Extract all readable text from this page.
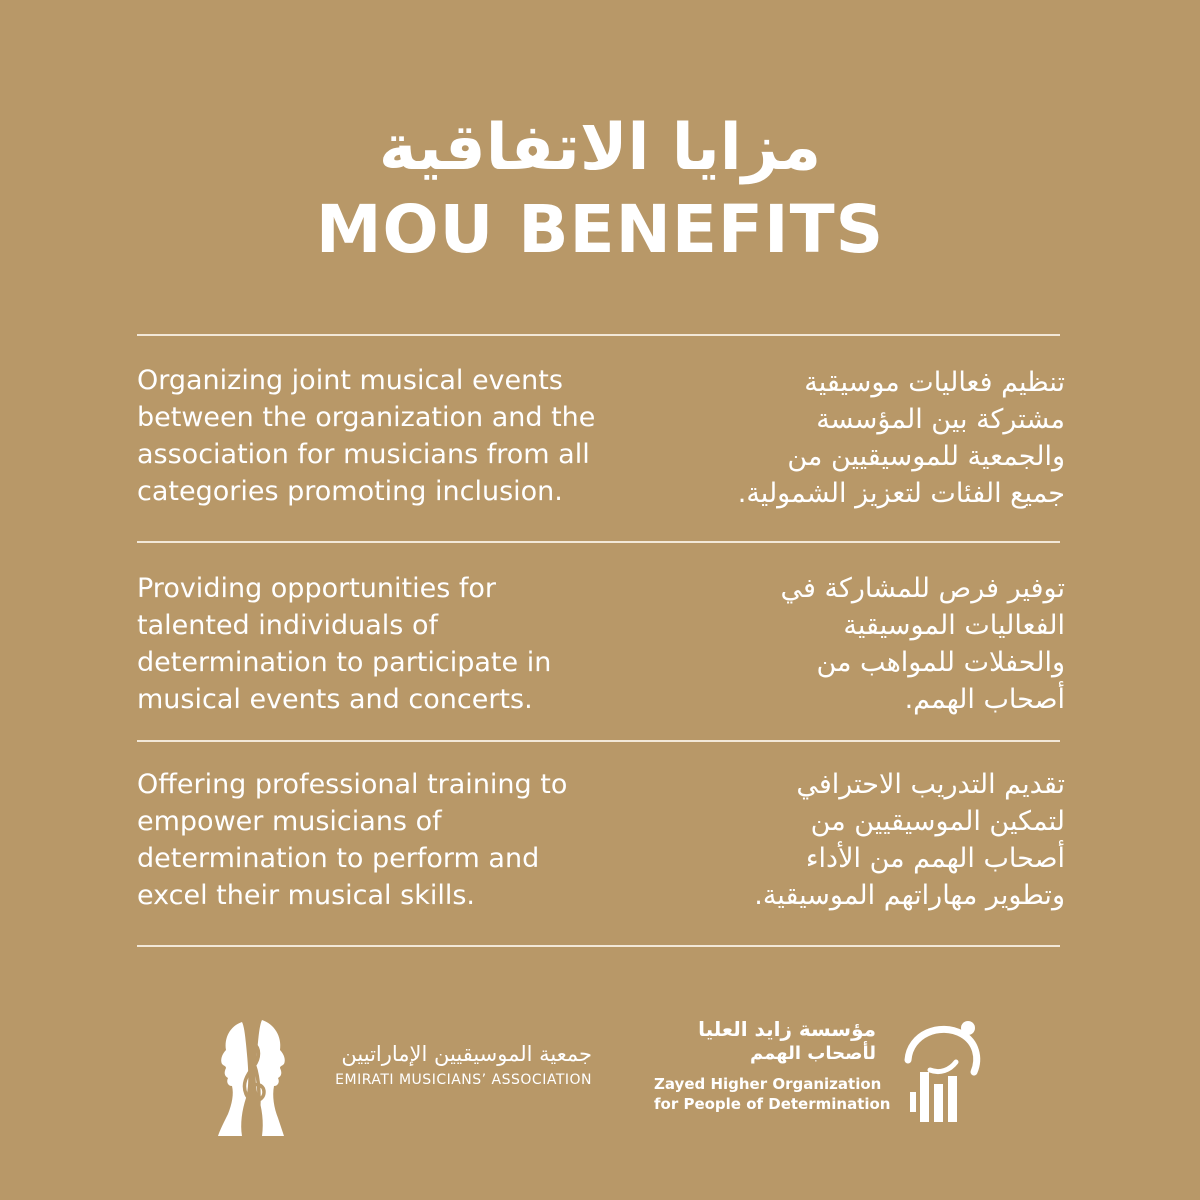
مزايا الاتفاقية
MOU BENEFITS
Organizing joint musical events
between the organization and the
association for musicians from all
categories promoting inclusion.
تنظيم فعاليات موسيقية
مشتركة بين المؤسسة
والجمعية للموسيقيين من
جميع الفئات لتعزيز الشمولية.
Providing opportunities for
talented individuals of
determination to participate in
musical events and concerts.
توفير فرص للمشاركة في
الفعاليات الموسيقية
والحفلات للمواهب من
أصحاب الهمم.
Offering professional training to
empower musicians of
determination to perform and
excel their musical skills.
تقديم التدريب الاحترافي
لتمكين الموسيقيين من
أصحاب الهمم من الأداء
وتطوير مهاراتهم الموسيقية.
جمعية الموسيقيين الإماراتيين
EMIRATI MUSICIANS’ ASSOCIATION
مؤسسة زايد العليا
لأصحاب الهمم
Zayed Higher Organization
for People of Determination
